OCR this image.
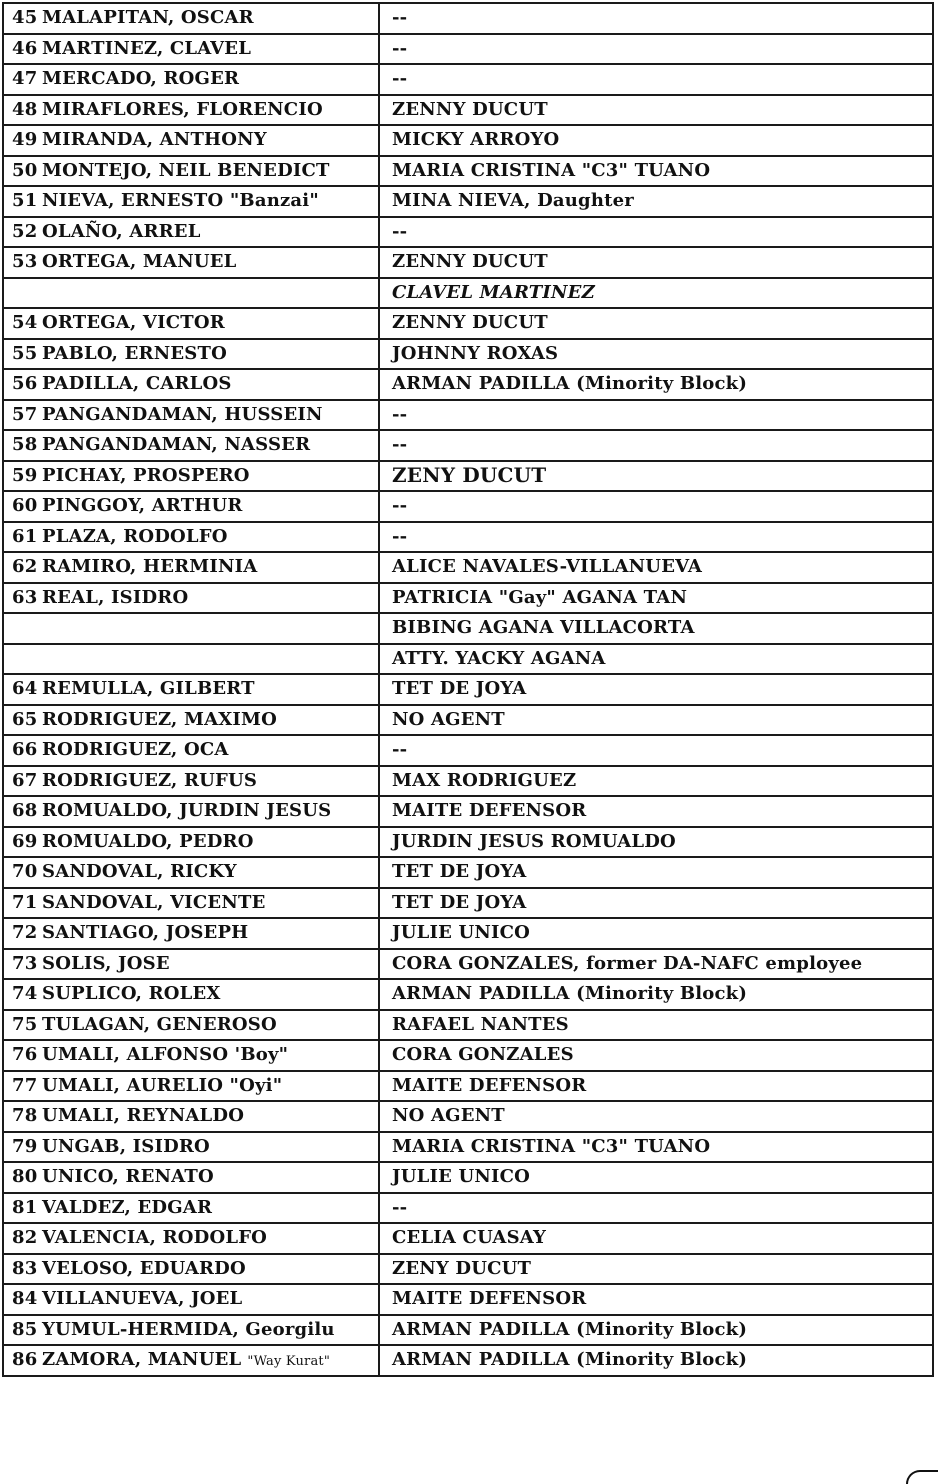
45 MALAPITAN, OSCAR	--
46 MARTINEZ, CLAVEL	--
47 MERCADO, ROGER	--
48 MIRAFLORES, FLORENCIO	ZENNY DUCUT
49 MIRANDA, ANTHONY	MICKY ARROYO
50 MONTEJO, NEIL BENEDICT	MARIA CRISTINA "C3" TUANO
51 NIEVA, ERNESTO "Banzai"	MINA NIEVA, Daughter
52 OLAÑO, ARREL	--
53 ORTEGA, MANUEL	ZENNY DUCUT
	CLAVEL MARTINEZ
54 ORTEGA, VICTOR	ZENNY DUCUT
55 PABLO, ERNESTO	JOHNNY ROXAS
56 PADILLA, CARLOS	ARMAN PADILLA (Minority Block)
57 PANGANDAMAN, HUSSEIN	--
58 PANGANDAMAN, NASSER	--
59 PICHAY, PROSPERO	ZENY DUCUT
60 PINGGOY, ARTHUR	--
61 PLAZA, RODOLFO	--
62 RAMIRO, HERMINIA	ALICE NAVALES-VILLANUEVA
63 REAL, ISIDRO	PATRICIA "Gay" AGANA TAN
	BIBING AGANA VILLACORTA
	ATTY. YACKY AGANA
64 REMULLA, GILBERT	TET DE JOYA
65 RODRIGUEZ, MAXIMO	NO AGENT
66 RODRIGUEZ, OCA	--
67 RODRIGUEZ, RUFUS	MAX RODRIGUEZ
68 ROMUALDO, JURDIN JESUS	MAITE DEFENSOR
69 ROMUALDO, PEDRO	JURDIN JESUS ROMUALDO
70 SANDOVAL, RICKY	TET DE JOYA
71 SANDOVAL, VICENTE	TET DE JOYA
72 SANTIAGO, JOSEPH	JULIE UNICO
73 SOLIS, JOSE	CORA GONZALES, former DA-NAFC employee
74 SUPLICO, ROLEX	ARMAN PADILLA (Minority Block)
75 TULAGAN, GENEROSO	RAFAEL NANTES
76 UMALI, ALFONSO 'Boy"	CORA GONZALES
77 UMALI, AURELIO "Oyi"	MAITE DEFENSOR
78 UMALI, REYNALDO	NO AGENT
79 UNGAB, ISIDRO	MARIA CRISTINA "C3" TUANO
80 UNICO, RENATO	JULIE UNICO
81 VALDEZ, EDGAR	--
82 VALENCIA, RODOLFO	CELIA CUASAY
83 VELOSO, EDUARDO	ZENY DUCUT
84 VILLANUEVA, JOEL	MAITE DEFENSOR
85 YUMUL-HERMIDA, Georgilu	ARMAN PADILLA (Minority Block)
86 ZAMORA, MANUEL "Way Kurat"	ARMAN PADILLA (Minority Block)
